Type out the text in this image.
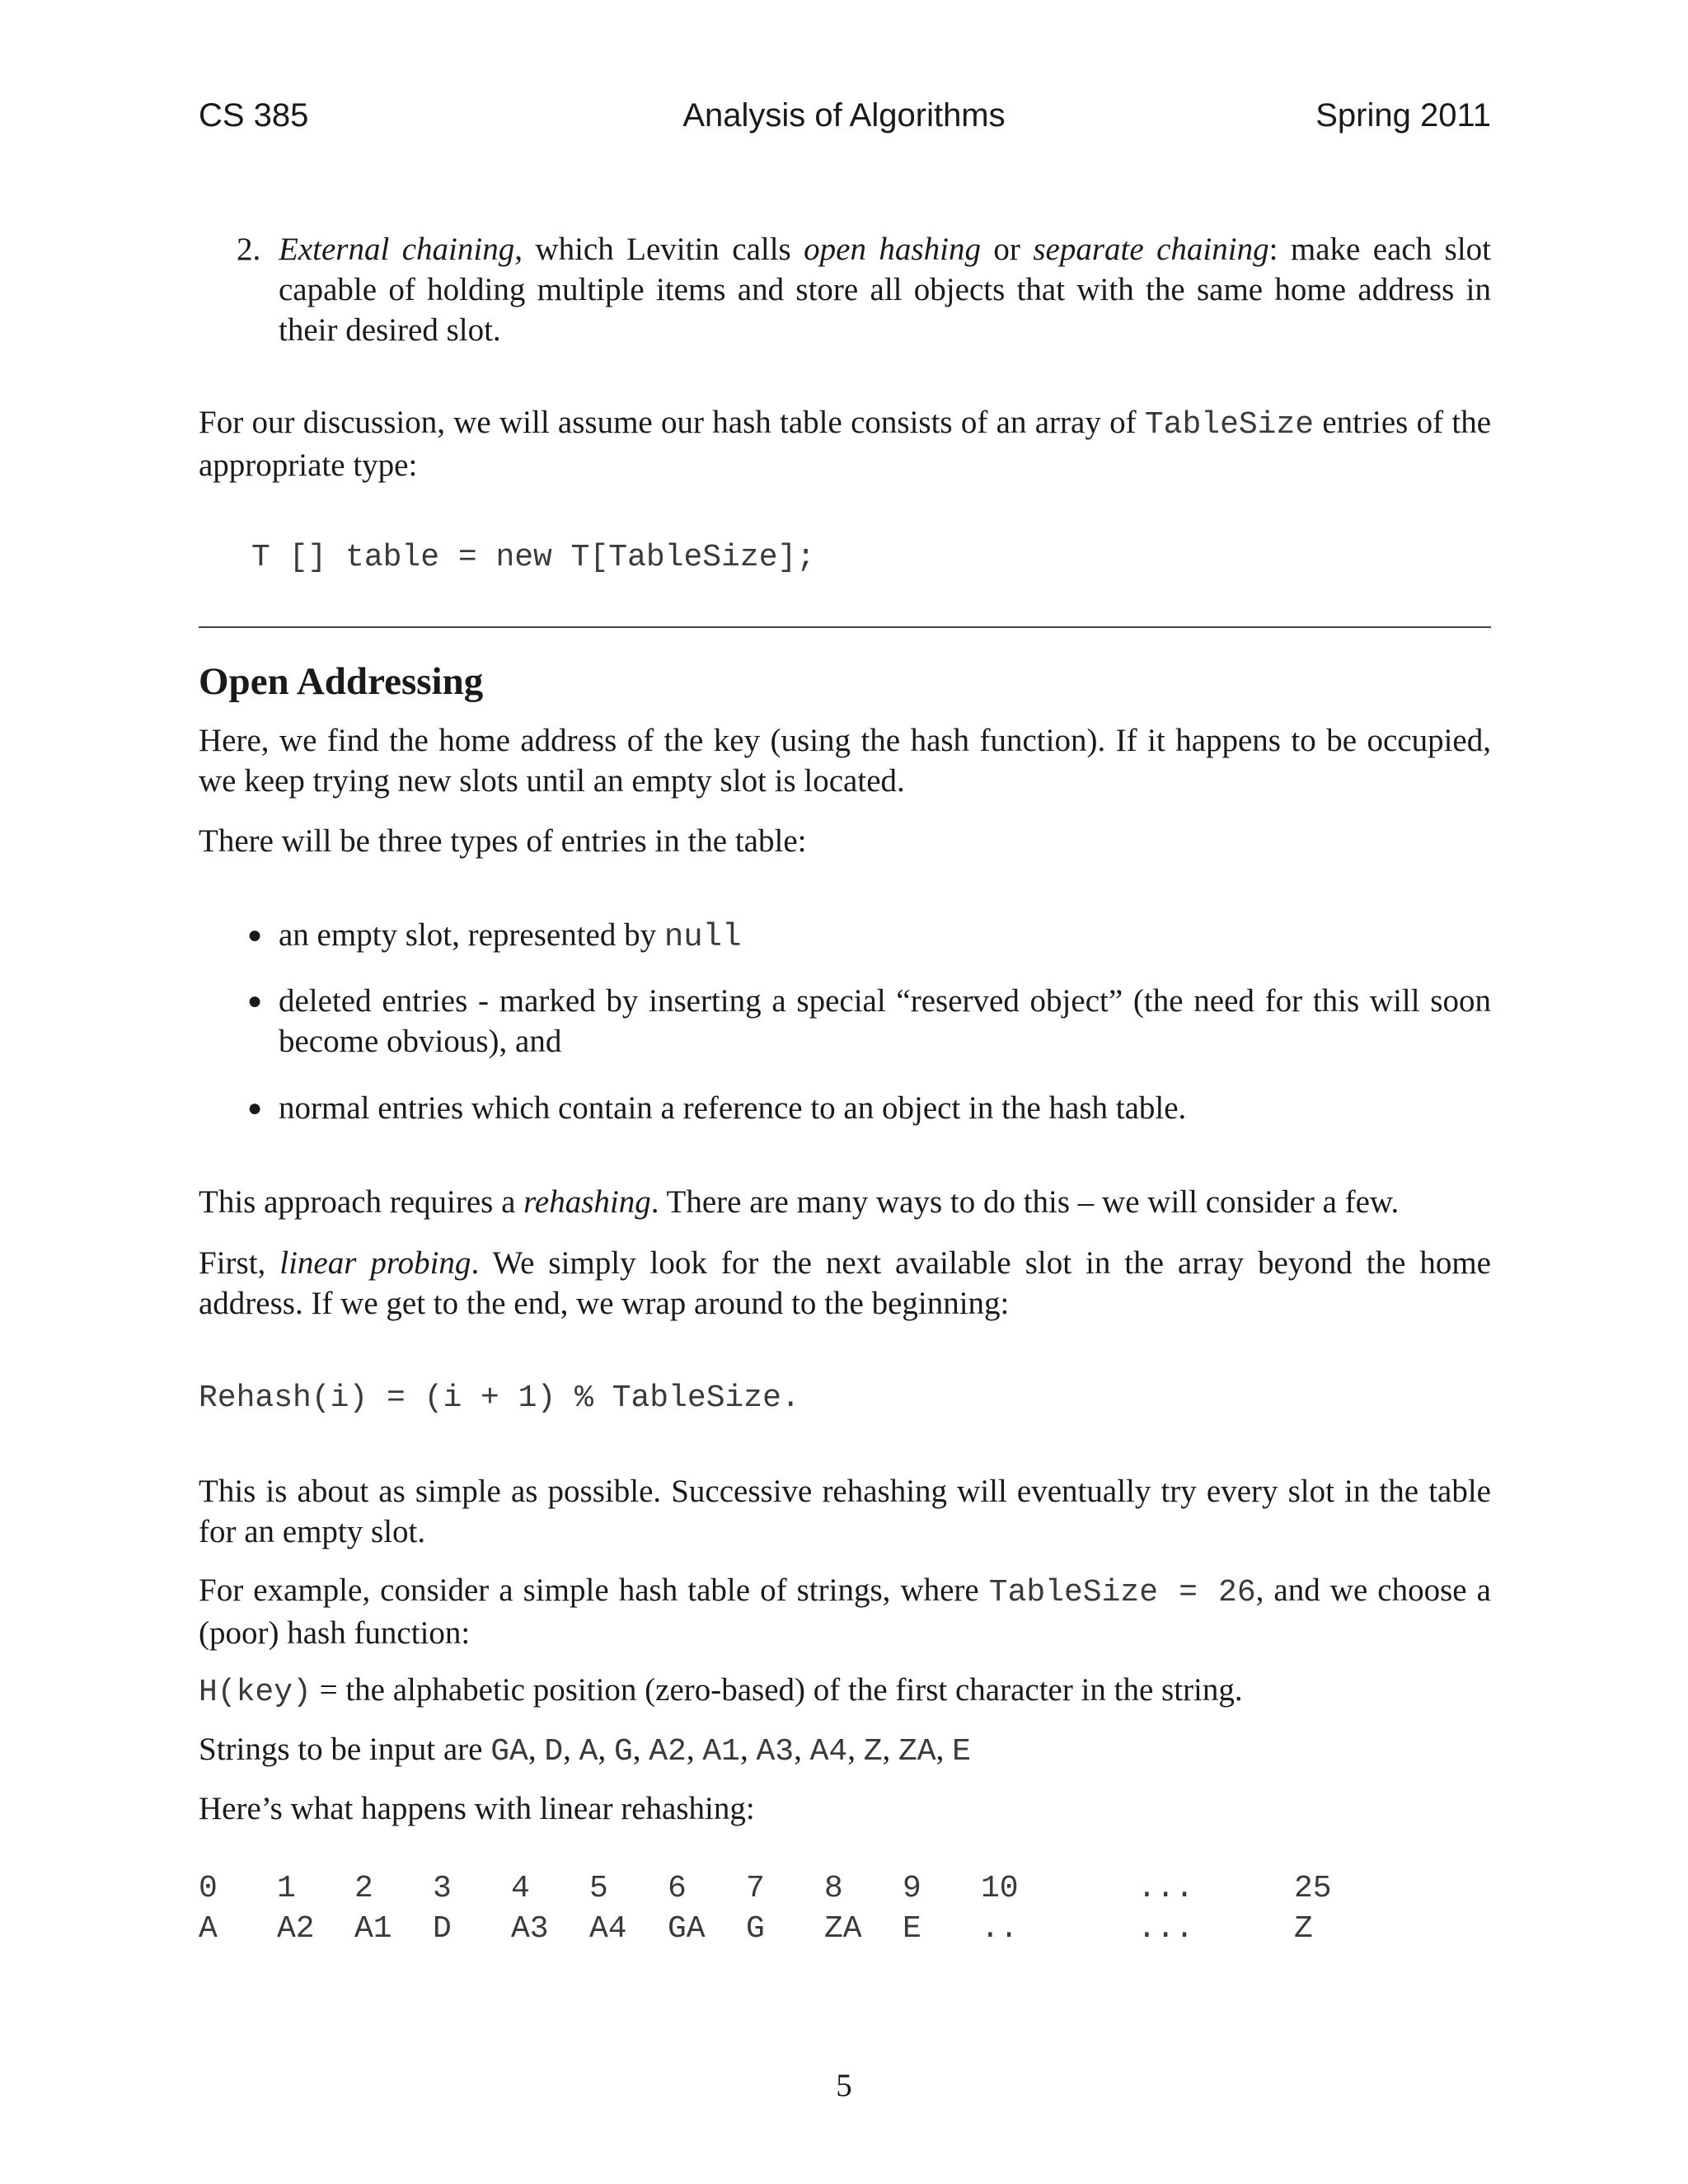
CS 385	Analysis of Algorithms	Spring 2011
2. External chaining, which Levitin calls open hashing or separate chaining: make each slot capable of holding multiple items and store all objects that with the same home address in their desired slot.
For our discussion, we will assume our hash table consists of an array of TableSize entries of the appropriate type:
T [] table = new T[TableSize];
Open Addressing
Here, we find the home address of the key (using the hash function). If it happens to be occupied, we keep trying new slots until an empty slot is located.
There will be three types of entries in the table:
● an empty slot, represented by null
● deleted entries - marked by inserting a special “reserved object” (the need for this will soon become obvious), and
● normal entries which contain a reference to an object in the hash table.
This approach requires a rehashing. There are many ways to do this – we will consider a few.
First, linear probing. We simply look for the next available slot in the array beyond the home address. If we get to the end, we wrap around to the beginning:
Rehash(i) = (i + 1) % TableSize.
This is about as simple as possible. Successive rehashing will eventually try every slot in the table for an empty slot.
For example, consider a simple hash table of strings, where TableSize = 26, and we choose a (poor) hash function:
H(key) = the alphabetic position (zero-based) of the first character in the string.
Strings to be input are GA, D, A, G, A2, A1, A3, A4, Z, ZA, E
Here’s what happens with linear rehashing:
0 1 2 3 4 5 6 7 8 9 10	...	25
A A2 A1 D A3 A4 GA G ZA E ..	...	Z
5
